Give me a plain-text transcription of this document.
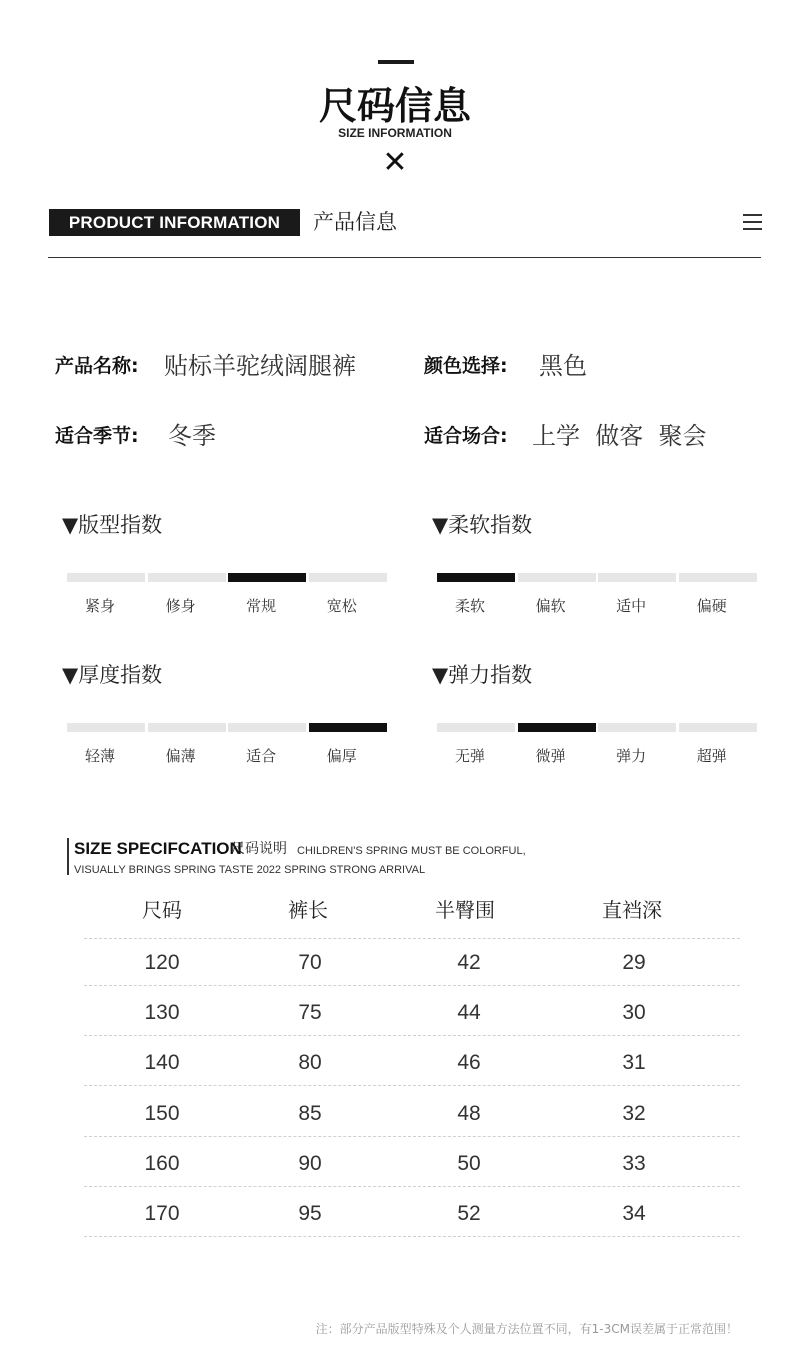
尺码信息
SIZE INFORMATION
✕
PRODUCT INFORMATION	产品信息
产品名称: 贴标羊驼绒阔腿裤	颜色选择: 黑色
适合季节: 冬季	适合场合: 上学  做客  聚会
▼版型指数	▼柔软指数
▼厚度指数	▼弹力指数
紧身	修身	常规	宽松	柔软	偏软	适中	偏硬
轻薄	偏薄	适合	偏厚	无弹	微弹	弹力	超弹
SIZE SPECIFCATION
尺码说明 CHILDREN'S SPRING MUST BE COLORFUL,
VISUALLY BRINGS SPRING TASTE 2022 SPRING STRONG ARRIVAL
尺码	裤长	半臀围	直裆深
120	70	42	29
130	75	44	30
140	80	46	31
150	85	48	32
160	90	50	33
170	95	52	34
注：部分产品版型特殊及个人测量方法位置不同，有1-3CM误差属于正常范围！
